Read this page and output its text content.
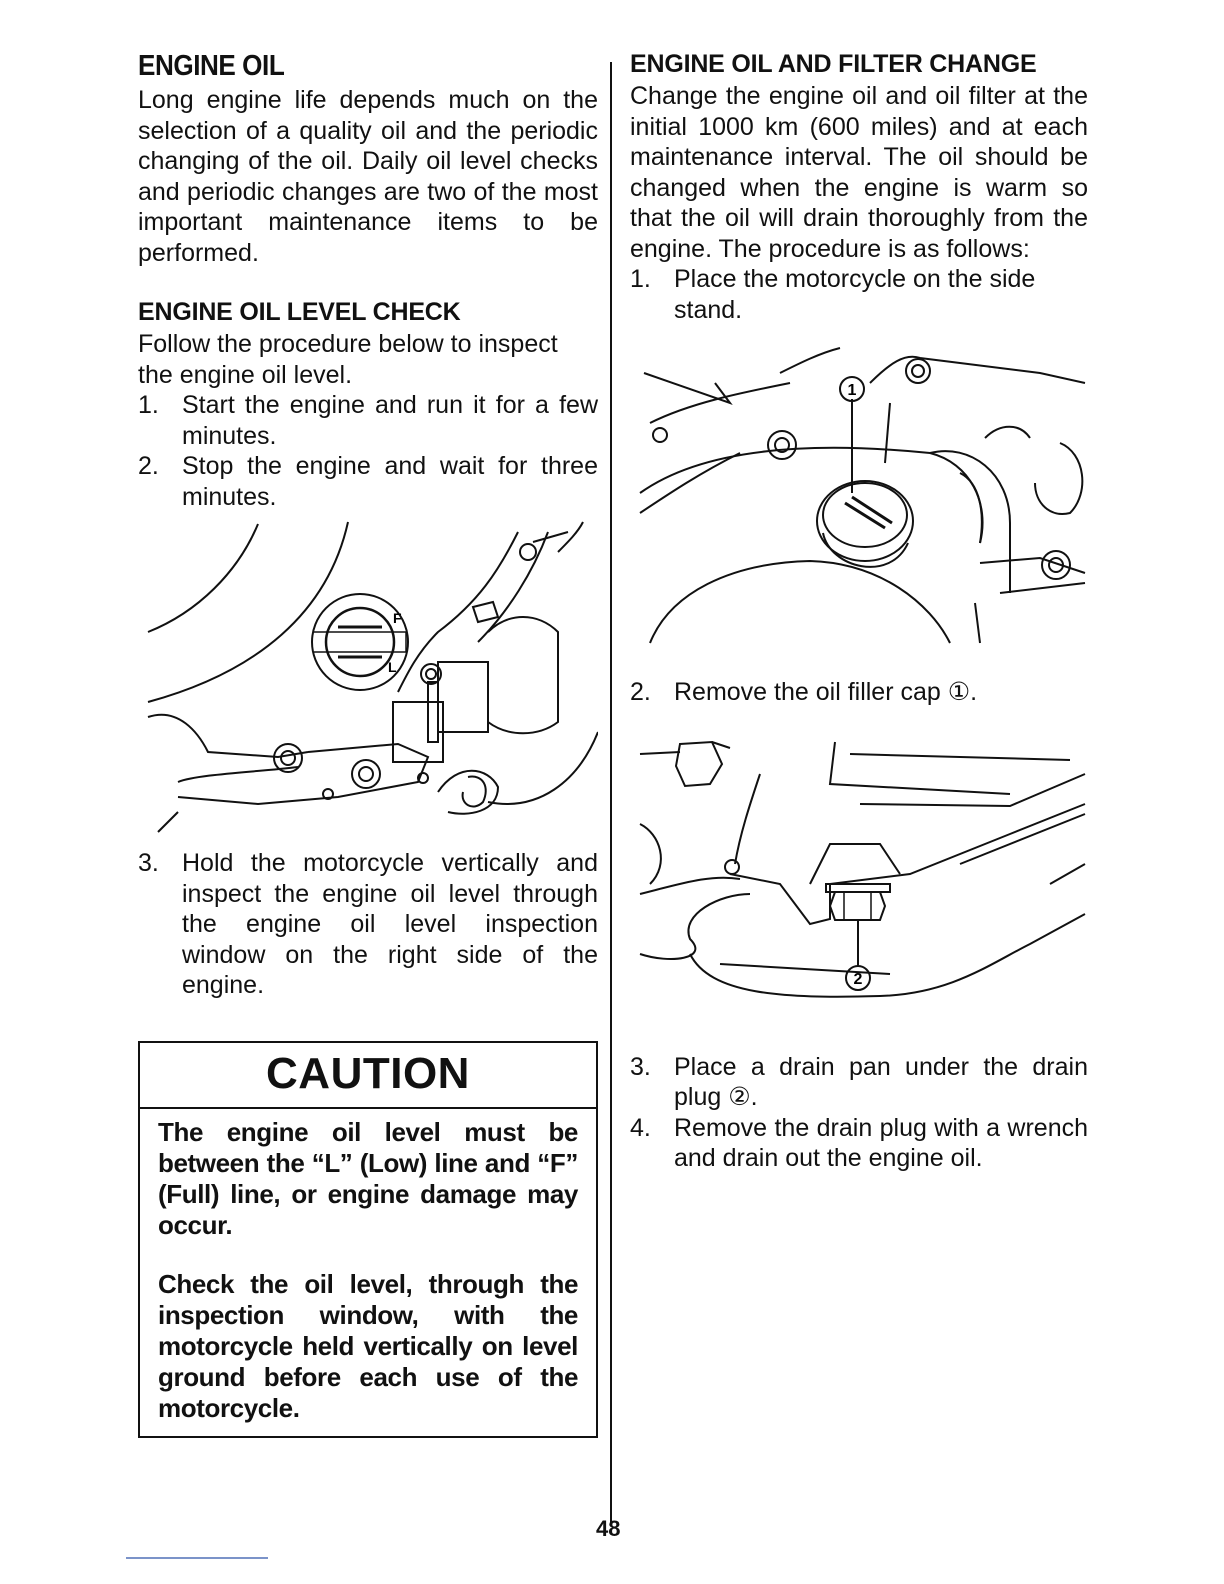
ENGINE OIL

Long engine life depends much on the selection of a quality oil and the periodic changing of the oil. Daily oil level checks and periodic changes are two of the most important maintenance items to be performed.

ENGINE OIL LEVEL CHECK

Follow the procedure below to inspect the engine oil level.

1. Start the engine and run it for a few minutes.
2. Stop the engine and wait for three minutes.
F
L
3. Hold the motorcycle vertically and inspect the engine oil level through the engine oil level inspection window on the right side of the engine.
CAUTION

The engine oil level must be between the “L” (Low) line and “F” (Full) line, or engine damage may occur.

Check the oil level, through the inspection window, with the motorcycle held vertically on level ground before each use of the motorcycle.

ENGINE OIL AND FILTER CHANGE

Change the engine oil and oil filter at the initial 1000 km (600 miles) and at each maintenance interval. The oil should be changed when the engine is warm so that the oil will drain thoroughly from the engine. The procedure is as follows:

1. Place the motorcycle on the side stand.
1
2. Remove the oil filler cap ①.
2
3. Place a drain pan under the drain plug ②.
4. Remove the drain plug with a wrench and drain out the engine oil.
48
